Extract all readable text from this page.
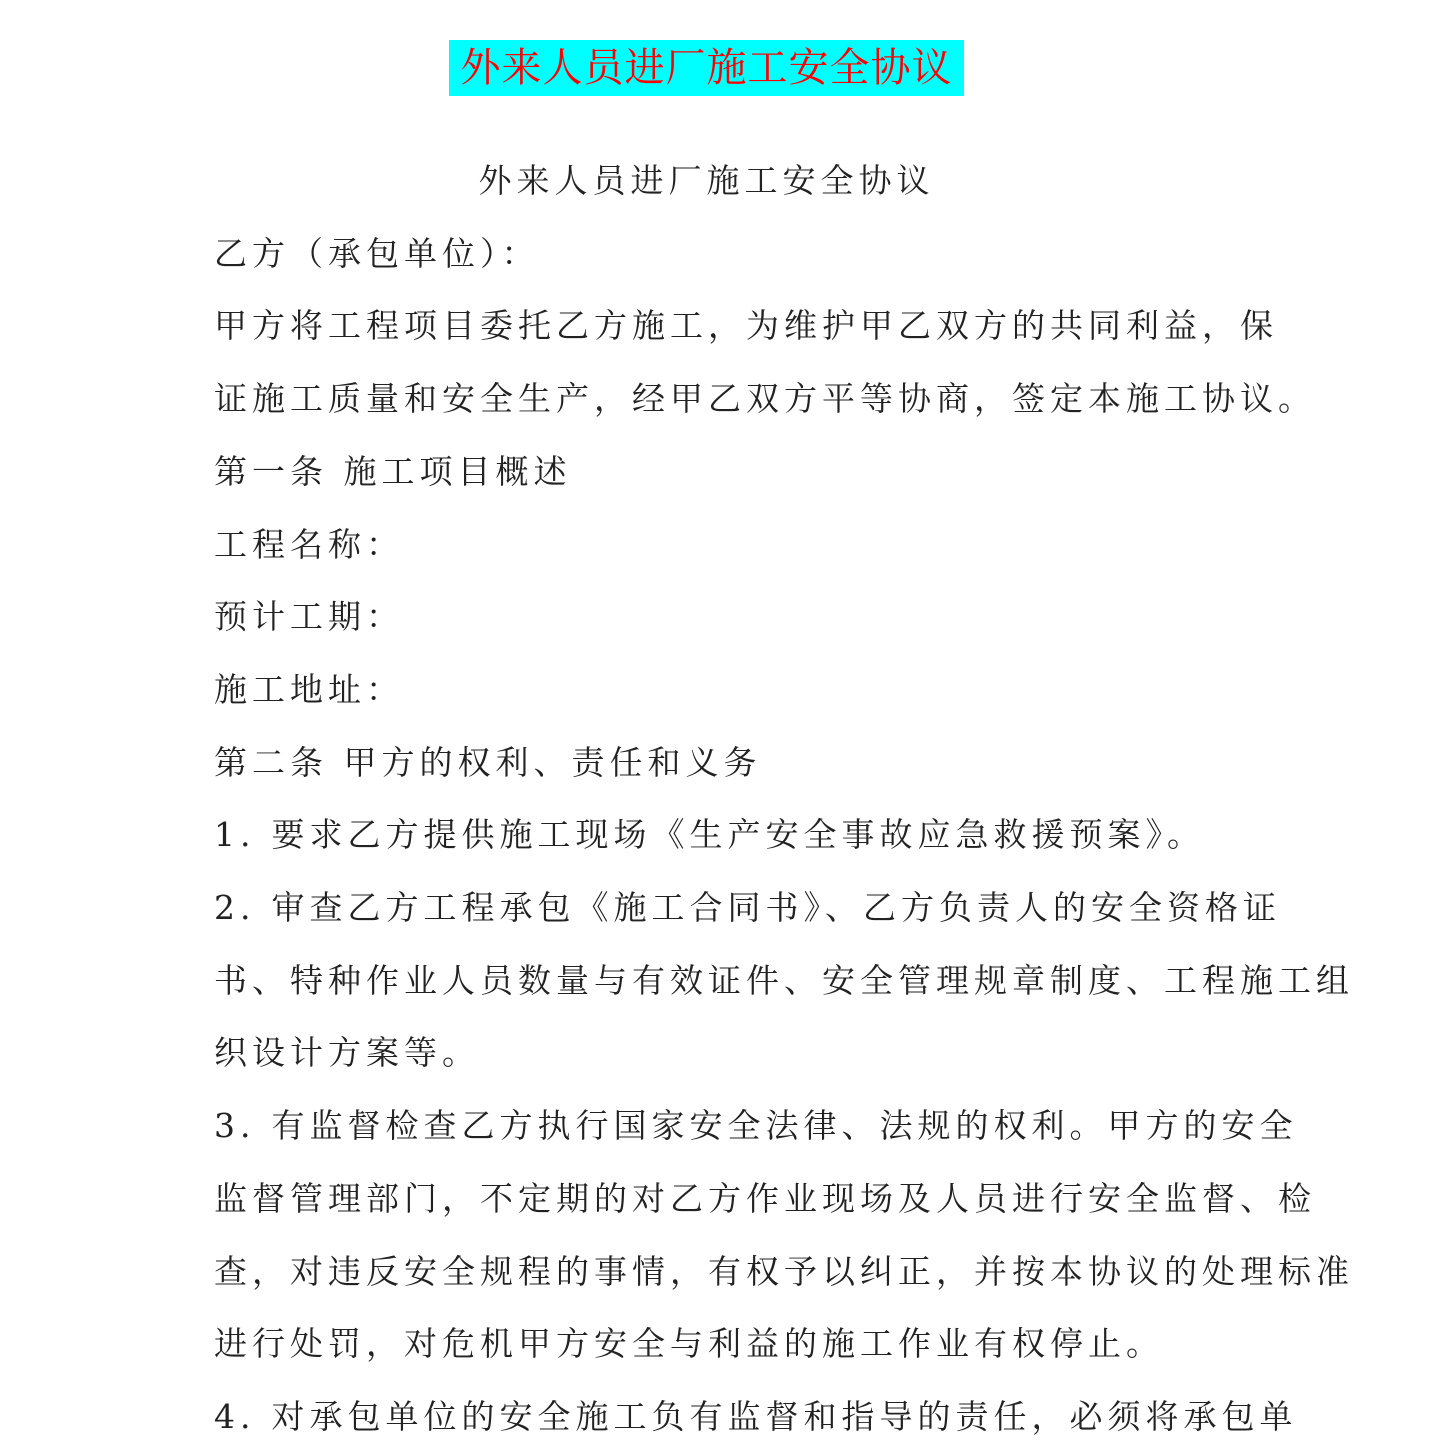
外来人员进厂施工安全协议

外来人员进厂施工安全协议

乙方（承包单位）：

甲方将工程项目委托乙方施工，为维护甲乙双方的共同利益，保
证施工质量和安全生产，经甲乙双方平等协商，签定本施工协议。

第一条 施工项目概述

工程名称：

预计工期：

施工地址：

第二条 甲方的权利、责任和义务

1. 要求乙方提供施工现场《生产安全事故应急救援预案》。

2. 审查乙方工程承包《施工合同书》、乙方负责人的安全资格证
书、特种作业人员数量与有效证件、安全管理规章制度、工程施工组
织设计方案等。

3. 有监督检查乙方执行国家安全法律、法规的权利。甲方的安全
监督管理部门，不定期的对乙方作业现场及人员进行安全监督、检
查，对违反安全规程的事情，有权予以纠正，并按本协议的处理标准
进行处罚，对危机甲方安全与利益的施工作业有权停止。

4. 对承包单位的安全施工负有监督和指导的责任，必须将承包单
